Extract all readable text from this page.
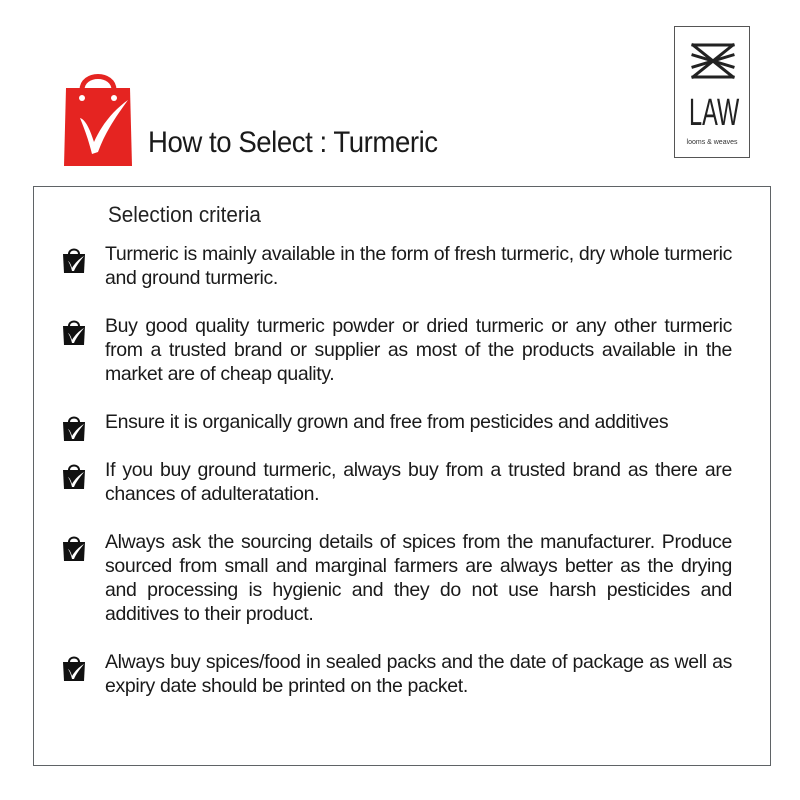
How to Select : Turmeric
LAW
looms & weaves
Selection criteria
Turmeric is mainly available in the form of fresh turmeric, dry whole turmeric and ground turmeric.
Buy good quality turmeric powder or dried turmeric or any other turmeric from a trusted brand or supplier as most of the products available in the market are of cheap quality.
Ensure it is organically grown and free from pesticides and additives
If you buy ground turmeric, always buy from a trusted brand as there are chances of adulteratation.
Always ask the sourcing details of spices from the manufacturer. Produce sourced from small and marginal farmers are always better as the drying and processing is hygienic and they do not use harsh pesticides and additives to their product.
Always buy spices/food in sealed packs and the date of package as well as expiry date should be printed on the packet.
